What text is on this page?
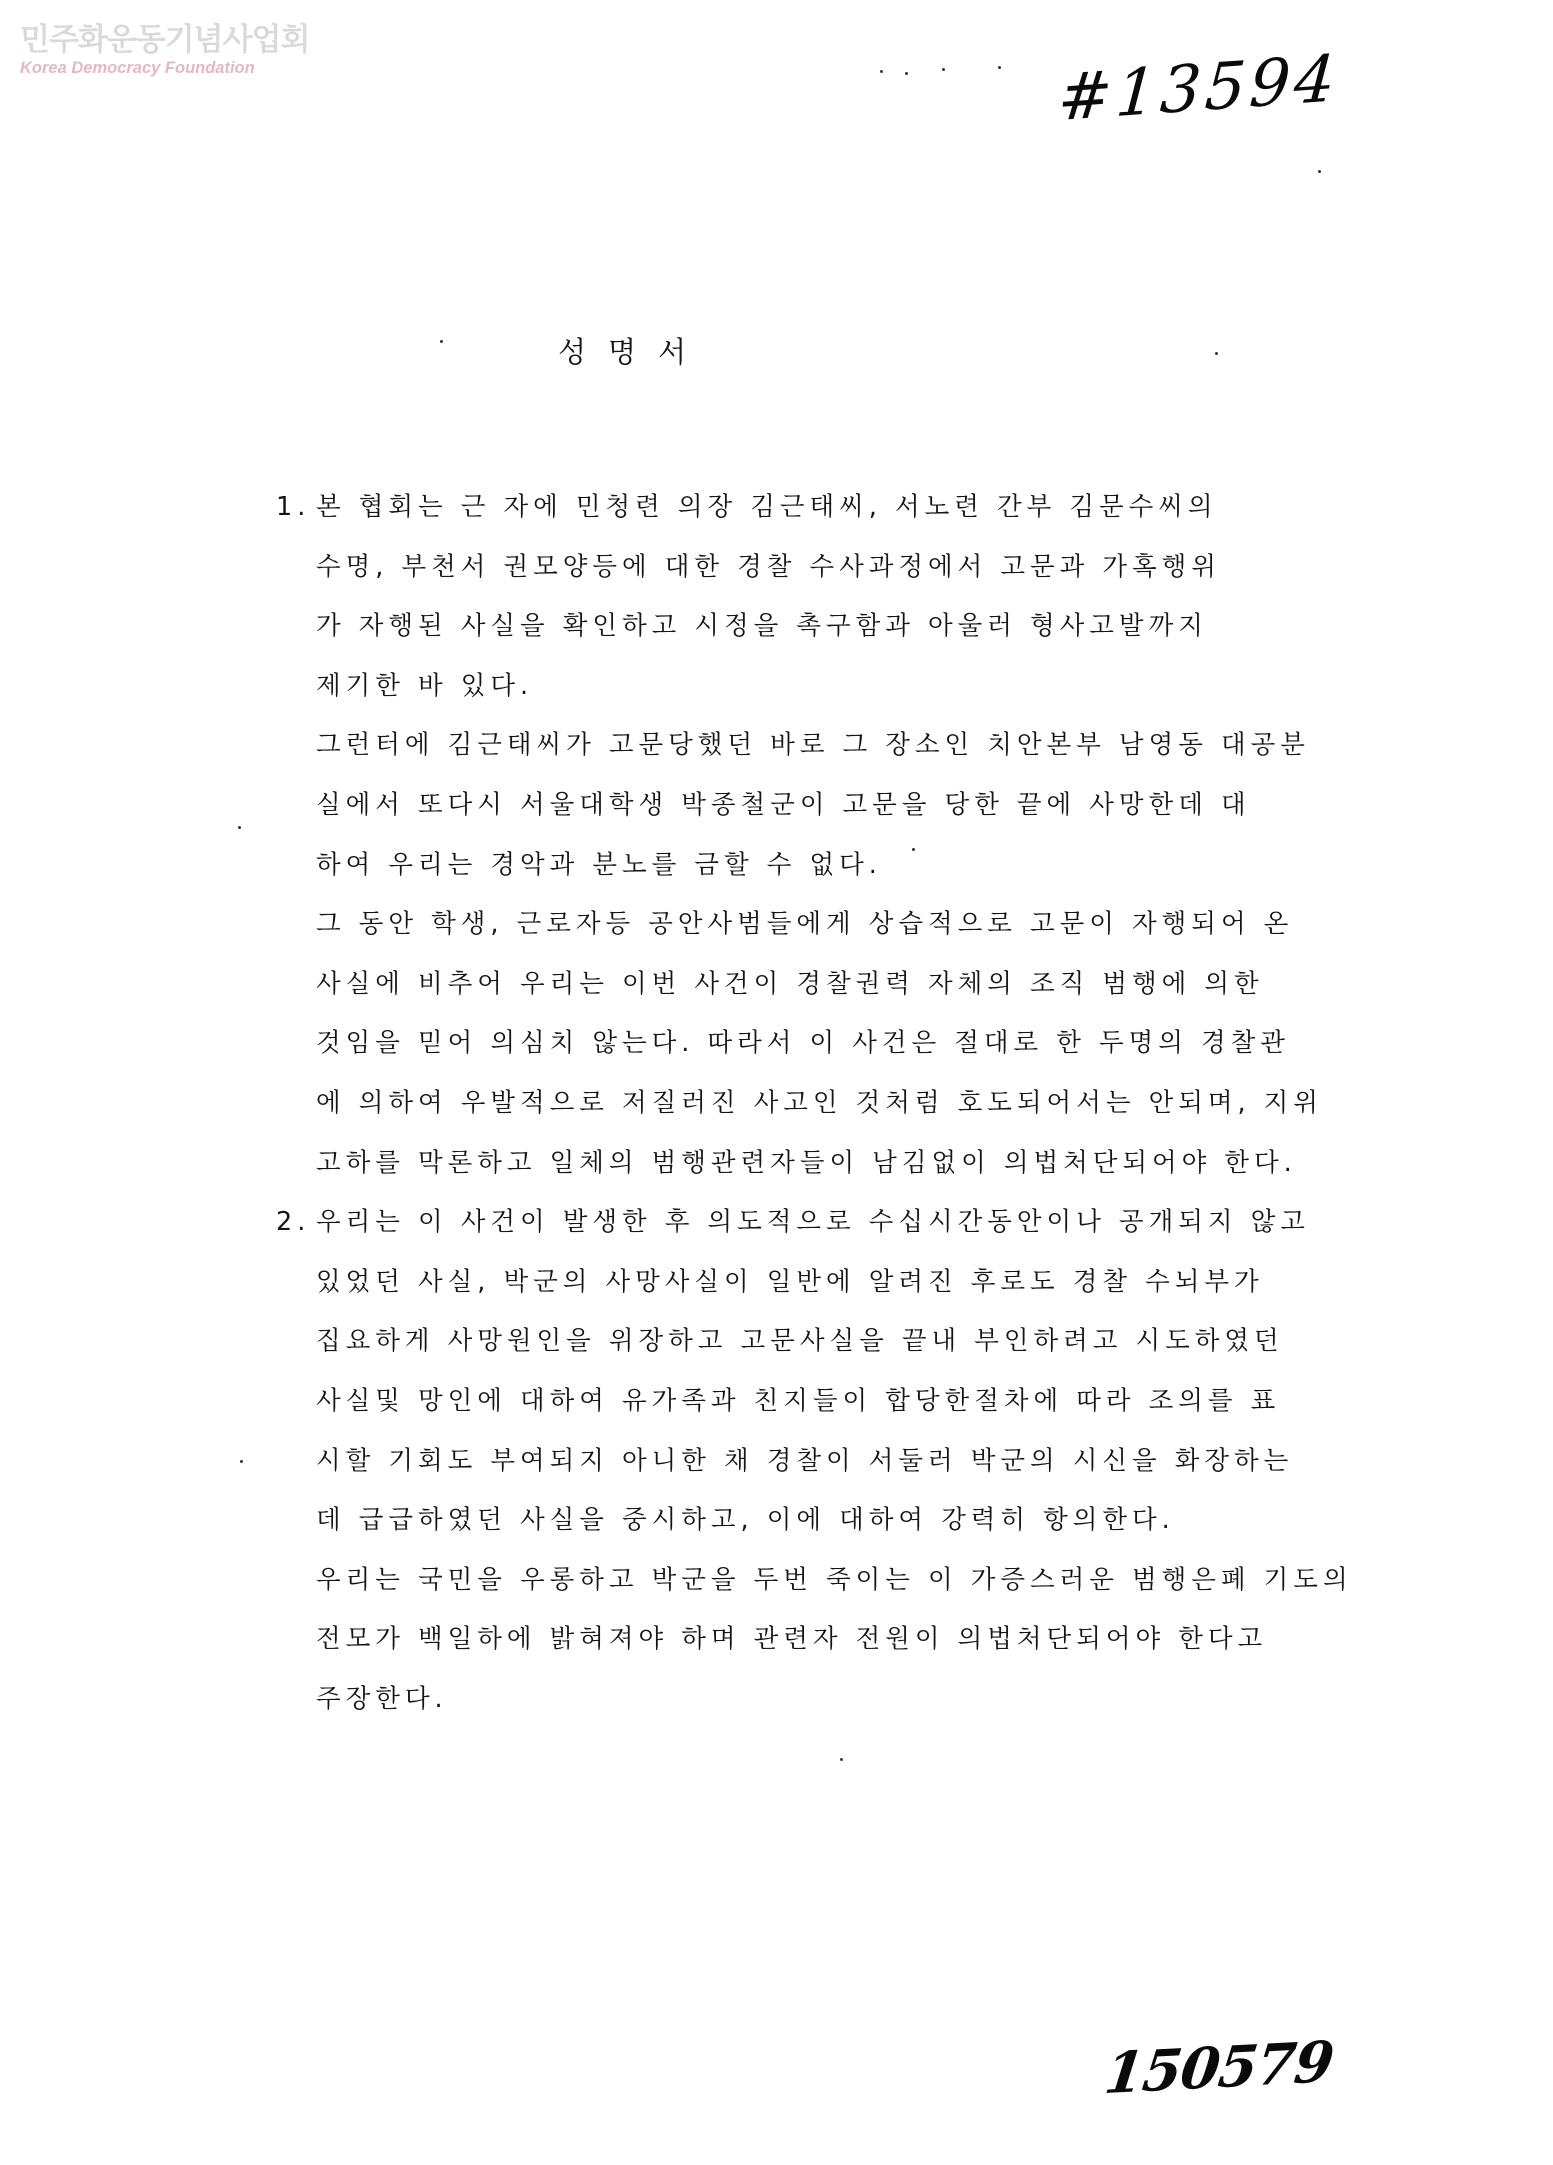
민주화운동기념사업회
Korea Democracy Foundation	#13594
성명서
1. 본 협회는 근 자에 민청련 의장 김근태씨, 서노련 간부 김문수씨의
수명, 부천서 권모양등에 대한 경찰 수사과정에서 고문과 가혹행위
가 자행된 사실을 확인하고 시정을 촉구함과 아울러 형사고발까지
제기한 바 있다.
그런터에 김근태씨가 고문당했던 바로 그 장소인 치안본부 남영동 대공분
실에서 또다시 서울대학생 박종철군이 고문을 당한 끝에 사망한데 대
하여 우리는 경악과 분노를 금할 수 없다.
그 동안 학생, 근로자등 공안사범들에게 상습적으로 고문이 자행되어 온
사실에 비추어 우리는 이번 사건이 경찰권력 자체의 조직 범행에 의한
것임을 믿어 의심치 않는다. 따라서 이 사건은 절대로 한 두명의 경찰관
에 의하여 우발적으로 저질러진 사고인 것처럼 호도되어서는 안되며, 지위
고하를 막론하고 일체의 범행관련자들이 남김없이 의법처단되어야 한다.
2. 우리는 이 사건이 발생한 후 의도적으로 수십시간동안이나 공개되지 않고
있었던 사실, 박군의 사망사실이 일반에 알려진 후로도 경찰 수뇌부가
집요하게 사망원인을 위장하고 고문사실을 끝내 부인하려고 시도하였던
사실및 망인에 대하여 유가족과 친지들이 합당한절차에 따라 조의를 표
시할 기회도 부여되지 아니한 채 경찰이 서둘러 박군의 시신을 화장하는
데 급급하였던 사실을 중시하고, 이에 대하여 강력히 항의한다.
우리는 국민을 우롱하고 박군을 두번 죽이는 이 가증스러운 범행은폐 기도의
전모가 백일하에 밝혀져야 하며 관련자 전원이 의법처단되어야 한다고
주장한다.
150579
